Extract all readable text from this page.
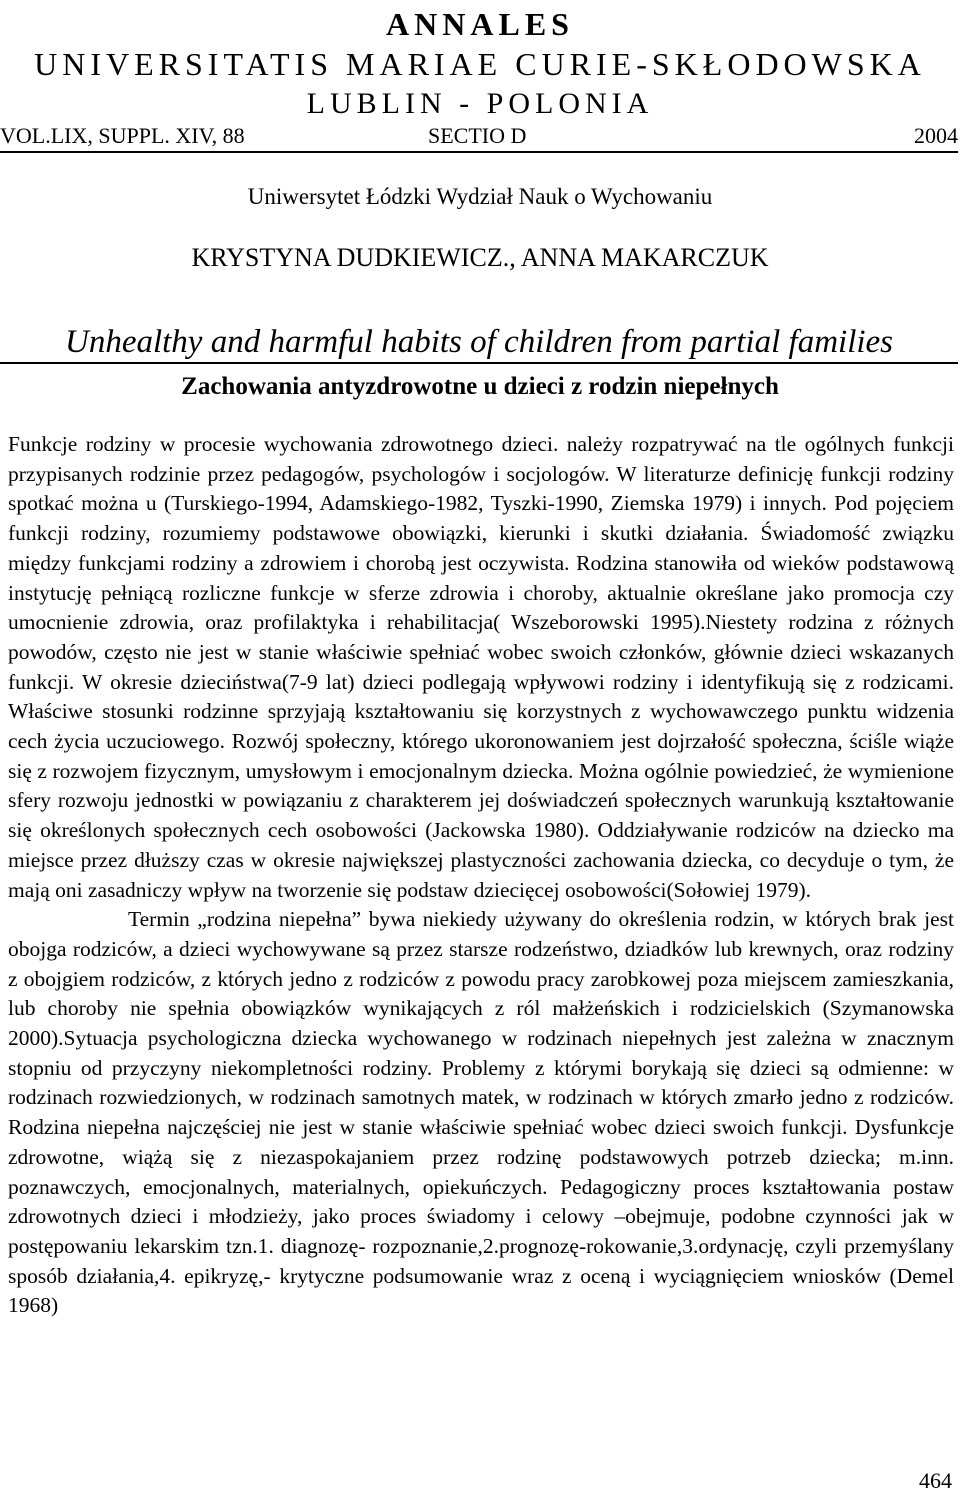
ANNALES
UNIVERSITATIS MARIAE CURIE-SKŁODOWSKA
LUBLIN - POLONIA
VOL.LIX, SUPPL. XIV, 88	SECTIO D	2004
Uniwersytet Łódzki Wydział Nauk o Wychowaniu
KRYSTYNA DUDKIEWICZ., ANNA MAKARCZUK
Unhealthy and harmful habits of children from partial families
Zachowania antyzdrowotne u dzieci z rodzin niepełnych

Funkcje rodziny w procesie wychowania zdrowotnego dzieci. należy rozpatrywać na tle ogólnych funkcji przypisanych rodzinie przez pedagogów, psychologów i socjologów. W literaturze definicję funkcji rodziny spotkać można u (Turskiego-1994, Adamskiego-1982, Tyszki-1990, Ziemska 1979) i innych. Pod pojęciem funkcji rodziny, rozumiemy podstawowe obowiązki, kierunki i skutki działania. Świadomość związku między funkcjami rodziny a zdrowiem i chorobą jest oczywista. Rodzina stanowiła od wieków podstawową instytucję pełniącą rozliczne funkcje w sferze zdrowia i choroby, aktualnie określane jako promocja czy umocnienie zdrowia, oraz profilaktyka i rehabilitacja( Wszeborowski 1995).Niestety rodzina z różnych powodów, często nie jest w stanie właściwie spełniać wobec swoich członków, głównie dzieci wskazanych funkcji. W okresie dzieciństwa(7-9 lat) dzieci podlegają wpływowi rodziny i identyfikują się z rodzicami. Właściwe stosunki rodzinne sprzyjają kształtowaniu się korzystnych z wychowawczego punktu widzenia cech życia uczuciowego. Rozwój społeczny, którego ukoronowaniem jest dojrzałość społeczna, ściśle wiąże się z rozwojem fizycznym, umysłowym i emocjonalnym dziecka. Można ogólnie powiedzieć, że wymienione sfery rozwoju jednostki w powiązaniu z charakterem jej doświadczeń społecznych warunkują kształtowanie się określonych społecznych cech osobowości (Jackowska 1980). Oddziaływanie rodziców na dziecko ma miejsce przez dłuższy czas w okresie największej plastyczności zachowania dziecka, co decyduje o tym, że mają oni zasadniczy wpływ na tworzenie się podstaw dziecięcej osobowości(Sołowiej 1979).

Termin „rodzina niepełna” bywa niekiedy używany do określenia rodzin, w których brak jest obojga rodziców, a dzieci wychowywane są przez starsze rodzeństwo, dziadków lub krewnych, oraz rodziny z obojgiem rodziców, z których jedno z rodziców z powodu pracy zarobkowej poza miejscem zamieszkania, lub choroby nie spełnia obowiązków wynikających z ról małżeńskich i rodzicielskich (Szymanowska 2000).Sytuacja psychologiczna dziecka wychowanego w rodzinach niepełnych jest zależna w znacznym stopniu od przyczyny niekompletności rodziny. Problemy z którymi borykają się dzieci są odmienne: w rodzinach rozwiedzionych, w rodzinach samotnych matek, w rodzinach w których zmarło jedno z rodziców. Rodzina niepełna najczęściej nie jest w stanie właściwie spełniać wobec dzieci swoich funkcji. Dysfunkcje zdrowotne, wiążą się z niezaspokajaniem przez rodzinę podstawowych potrzeb dziecka; m.inn. poznawczych, emocjonalnych, materialnych, opiekuńczych. Pedagogiczny proces kształtowania postaw zdrowotnych dzieci i młodzieży, jako proces świadomy i celowy –obejmuje, podobne czynności jak w postępowaniu lekarskim tzn.1. diagnozę- rozpoznanie,2.prognozę-rokowanie,3.ordynację, czyli przemyślany sposób działania,4. epikryzę,- krytyczne podsumowanie wraz z oceną i wyciągnięciem wniosków (Demel 1968)

464
